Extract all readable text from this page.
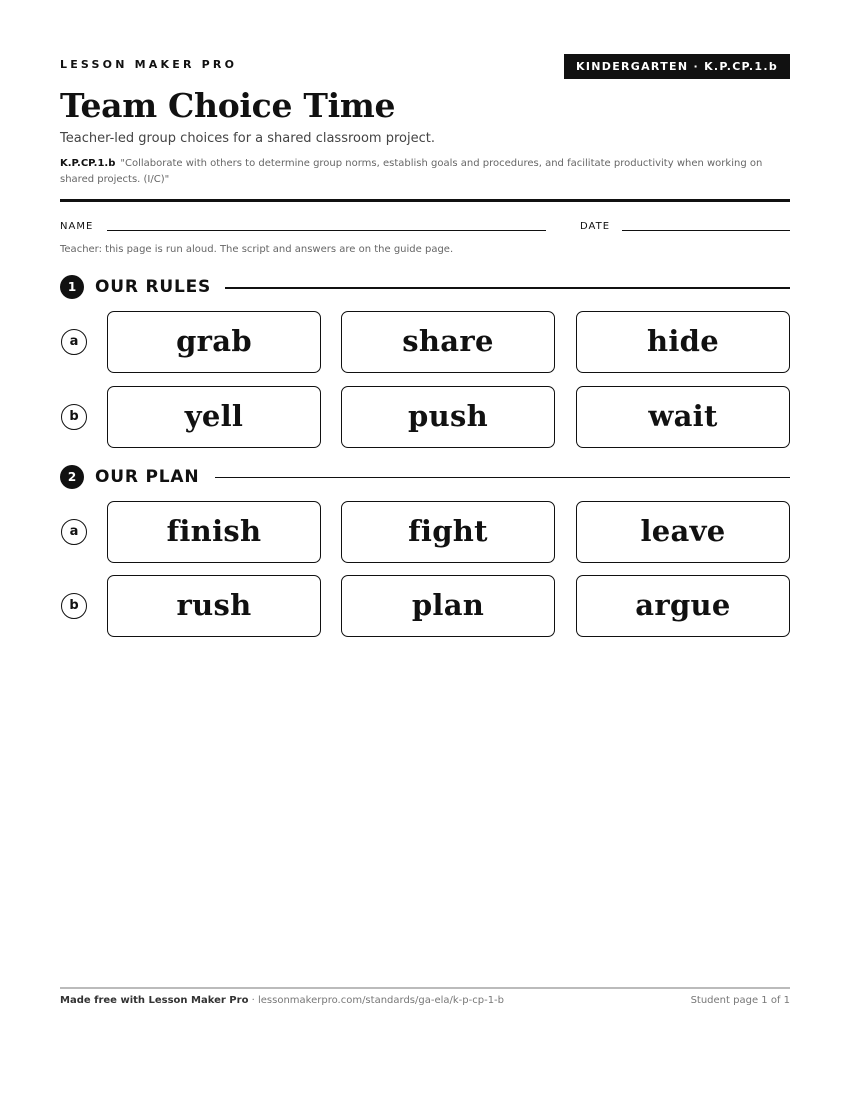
LESSON MAKER PRO	KINDERGARTEN · K.P.CP.1.b
Team Choice Time
Teacher-led group choices for a shared classroom project.
K.P.CP.1.b "Collaborate with others to determine group norms, establish goals and procedures, and facilitate productivity when working on shared projects. (I/C)"
NAME	DATE
Teacher: this page is run aloud. The script and answers are on the guide page.
1	OUR RULES
a	grab	share	hide
b	yell	push	wait
2	OUR PLAN
a	finish	fight	leave
b	rush	plan	argue
Made free with Lesson Maker Pro · lessonmakerpro.com/standards/ga-ela/k-p-cp-1-b	Student page 1 of 1
